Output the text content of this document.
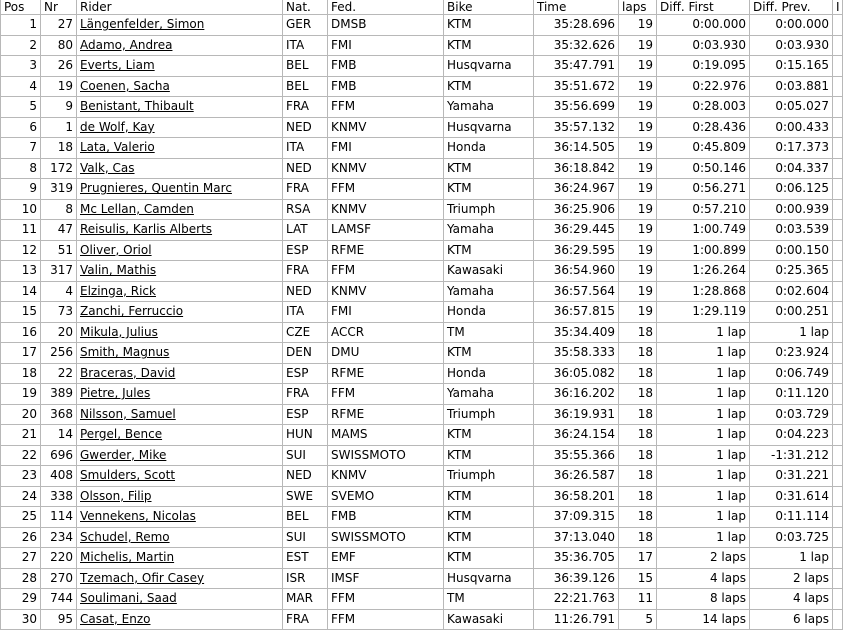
Pos	Nr	Rider	Nat.	Fed.	Bike	Time	laps	Diff. First	Diff. Prev.	I
1	27	Längenfelder, Simon	GER	DMSB	KTM	35:28.696	19	0:00.000	0:00.000	
2	80	Adamo, Andrea	ITA	FMI	KTM	35:32.626	19	0:03.930	0:03.930	
3	26	Everts, Liam	BEL	FMB	Husqvarna	35:47.791	19	0:19.095	0:15.165	
4	19	Coenen, Sacha	BEL	FMB	KTM	35:51.672	19	0:22.976	0:03.881	
5	9	Benistant, Thibault	FRA	FFM	Yamaha	35:56.699	19	0:28.003	0:05.027	
6	1	de Wolf, Kay	NED	KNMV	Husqvarna	35:57.132	19	0:28.436	0:00.433	
7	18	Lata, Valerio	ITA	FMI	Honda	36:14.505	19	0:45.809	0:17.373	
8	172	Valk, Cas	NED	KNMV	KTM	36:18.842	19	0:50.146	0:04.337	
9	319	Prugnieres, Quentin Marc	FRA	FFM	KTM	36:24.967	19	0:56.271	0:06.125	
10	8	Mc Lellan, Camden	RSA	KNMV	Triumph	36:25.906	19	0:57.210	0:00.939	
11	47	Reisulis, Karlis Alberts	LAT	LAMSF	Yamaha	36:29.445	19	1:00.749	0:03.539	
12	51	Oliver, Oriol	ESP	RFME	KTM	36:29.595	19	1:00.899	0:00.150	
13	317	Valin, Mathis	FRA	FFM	Kawasaki	36:54.960	19	1:26.264	0:25.365	
14	4	Elzinga, Rick	NED	KNMV	Yamaha	36:57.564	19	1:28.868	0:02.604	
15	73	Zanchi, Ferruccio	ITA	FMI	Honda	36:57.815	19	1:29.119	0:00.251	
16	20	Mikula, Julius	CZE	ACCR	TM	35:34.409	18	1 lap	1 lap	
17	256	Smith, Magnus	DEN	DMU	KTM	35:58.333	18	1 lap	0:23.924	
18	22	Braceras, David	ESP	RFME	Honda	36:05.082	18	1 lap	0:06.749	
19	389	Pietre, Jules	FRA	FFM	Yamaha	36:16.202	18	1 lap	0:11.120	
20	368	Nilsson, Samuel	ESP	RFME	Triumph	36:19.931	18	1 lap	0:03.729	
21	14	Pergel, Bence	HUN	MAMS	KTM	36:24.154	18	1 lap	0:04.223	
22	696	Gwerder, Mike	SUI	SWISSMOTO	KTM	35:55.366	18	1 lap	-1:31.212	
23	408	Smulders, Scott	NED	KNMV	Triumph	36:26.587	18	1 lap	0:31.221	
24	338	Olsson, Filip	SWE	SVEMO	KTM	36:58.201	18	1 lap	0:31.614	
25	114	Vennekens, Nicolas	BEL	FMB	KTM	37:09.315	18	1 lap	0:11.114	
26	234	Schudel, Remo	SUI	SWISSMOTO	KTM	37:13.040	18	1 lap	0:03.725	
27	220	Michelis, Martin	EST	EMF	KTM	35:36.705	17	2 laps	1 lap	
28	270	Tzemach, Ofir Casey	ISR	IMSF	Husqvarna	36:39.126	15	4 laps	2 laps	
29	744	Soulimani, Saad	MAR	FFM	TM	22:21.763	11	8 laps	4 laps	
30	95	Casat, Enzo	FRA	FFM	Kawasaki	11:26.791	5	14 laps	6 laps	
